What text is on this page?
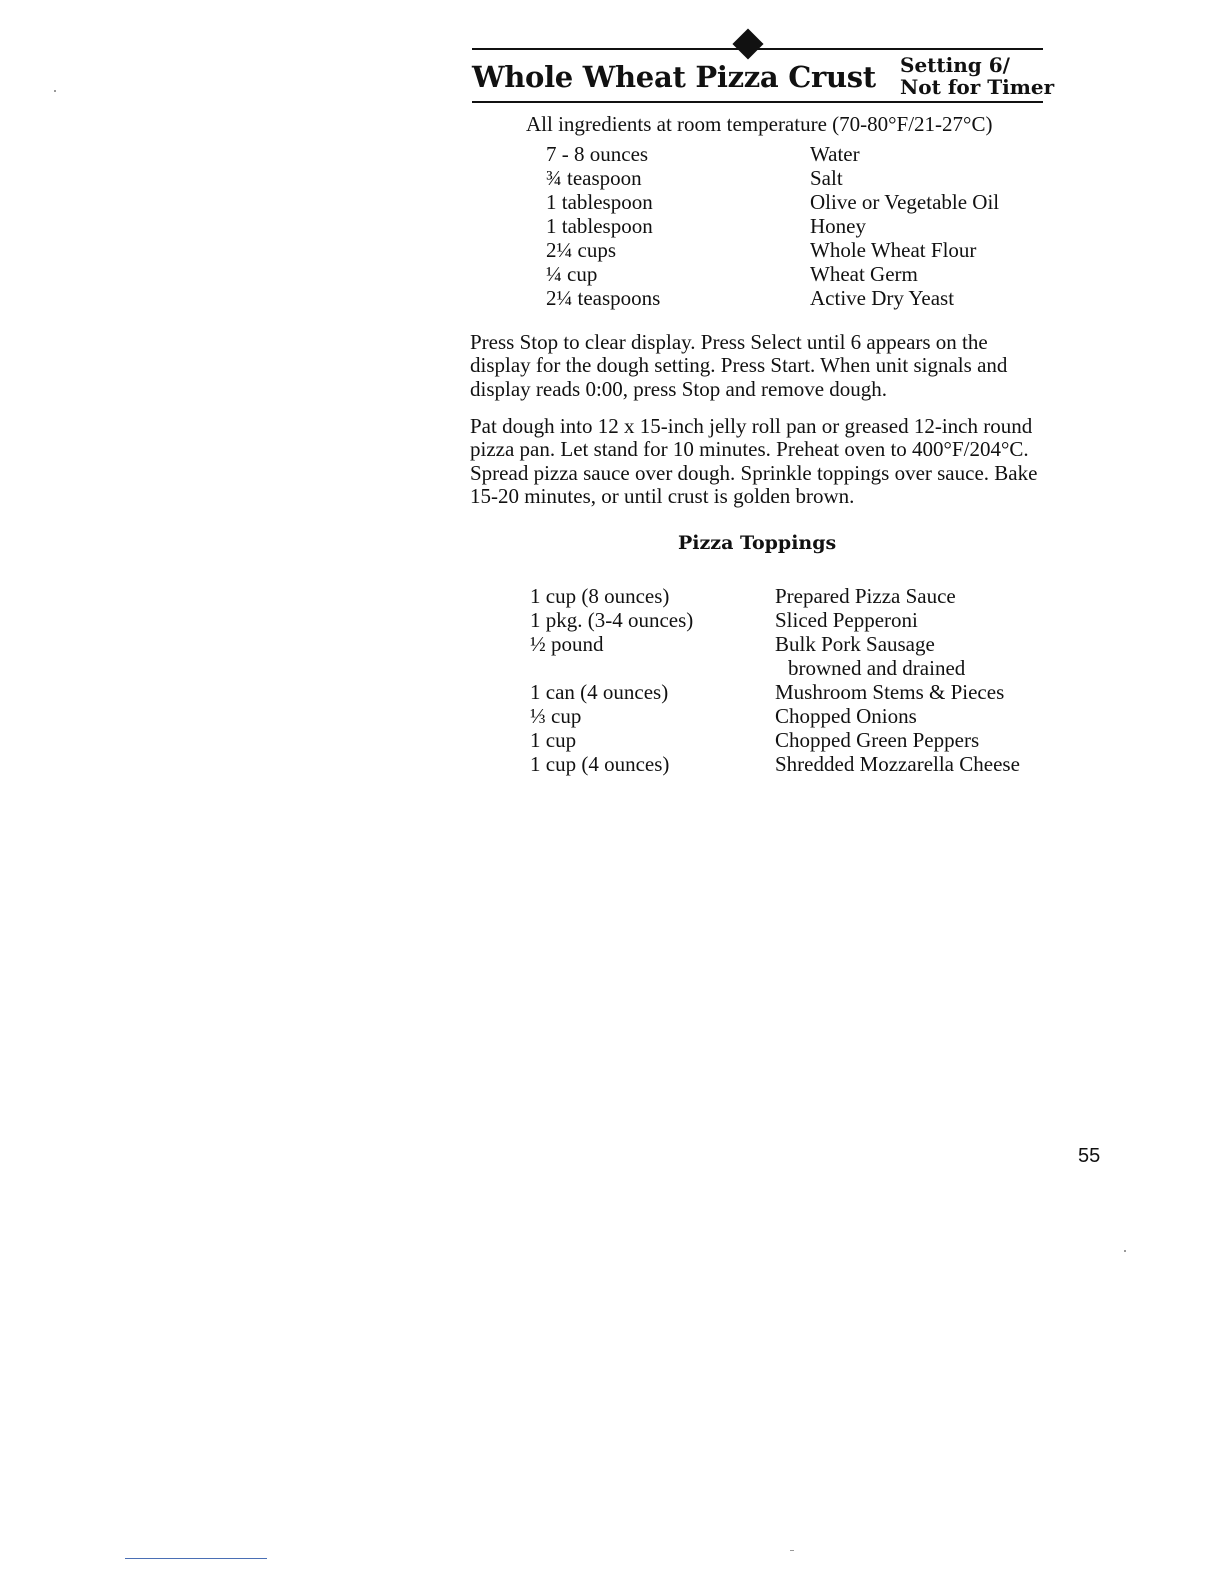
Whole Wheat Pizza Crust Setting 6/
Not for Timer
All ingredients at room temperature (70-80°F/21-27°C)
7 - 8 ounces	Water
¾ teaspoon	Salt
1 tablespoon	Olive or Vegetable Oil
1 tablespoon	Honey
2¼ cups	Whole Wheat Flour
¼ cup	Wheat Germ
2¼ teaspoons	Active Dry Yeast
Press Stop to clear display. Press Select until 6 appears on the display for the dough setting. Press Start. When unit signals and display reads 0:00, press Stop and remove dough.
Pat dough into 12 x 15-inch jelly roll pan or greased 12-inch round pizza pan. Let stand for 10 minutes. Preheat oven to 400°F/204°C. Spread pizza sauce over dough. Sprinkle toppings over sauce. Bake 15-20 minutes, or until crust is golden brown.
Pizza Toppings
1 cup (8 ounces)	Prepared Pizza Sauce
1 pkg. (3-4 ounces)	Sliced Pepperoni
½ pound	Bulk Pork Sausage
browned and drained
1 can (4 ounces)	Mushroom Stems & Pieces
⅓ cup	Chopped Onions
1 cup	Chopped Green Peppers
1 cup (4 ounces)	Shredded Mozzarella Cheese
55
